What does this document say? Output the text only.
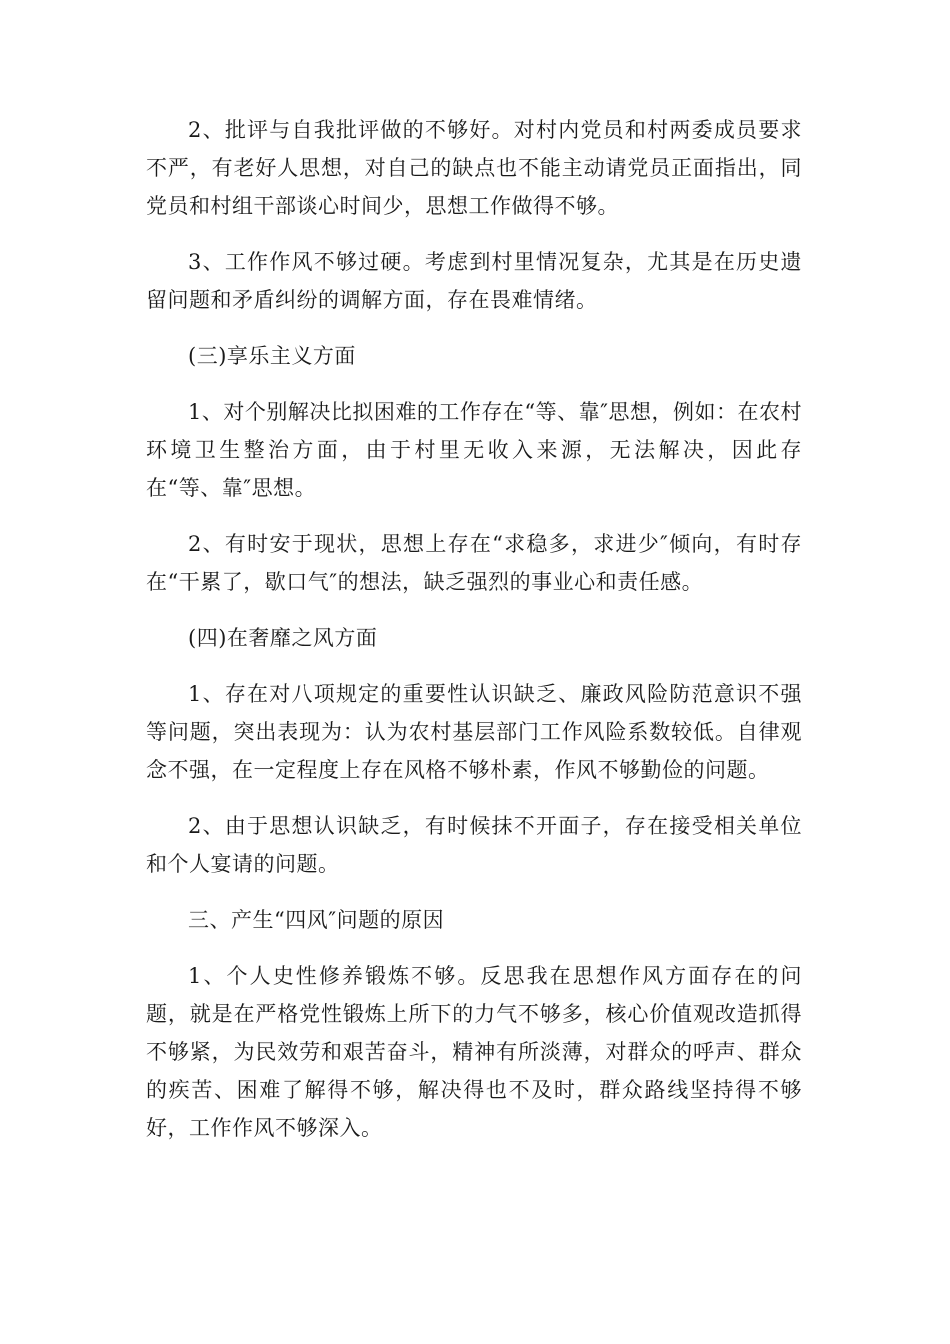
2、批评与自我批评做的不够好。对村内党员和村两委成员要求不严，有老好人思想，对自己的缺点也不能主动请党员正面指出，同党员和村组干部谈心时间少，思想工作做得不够。

3、工作作风不够过硬。考虑到村里情况复杂，尤其是在历史遗留问题和矛盾纠纷的调解方面，存在畏难情绪。

(三)享乐主义方面

1、对个别解决比拟困难的工作存在“等、靠″思想，例如：在农村环境卫生整治方面，由于村里无收入来源，无法解决，因此存在“等、靠″思想。

2、有时安于现状，思想上存在“求稳多，求进少″倾向，有时存在“干累了，歇口气″的想法，缺乏强烈的事业心和责任感。

(四)在奢靡之风方面

1、存在对八项规定的重要性认识缺乏、廉政风险防范意识不强等问题，突出表现为：认为农村基层部门工作风险系数较低。自律观念不强，在一定程度上存在风格不够朴素，作风不够勤俭的问题。

2、由于思想认识缺乏，有时候抹不开面子，存在接受相关单位和个人宴请的问题。

三、产生“四风″问题的原因

1、个人史性修养锻炼不够。反思我在思想作风方面存在的问题，就是在严格党性锻炼上所下的力气不够多，核心价值观改造抓得不够紧，为民效劳和艰苦奋斗，精神有所淡薄，对群众的呼声、群众的疾苦、困难了解得不够，解决得也不及时，群众路线坚持得不够好，工作作风不够深入。
